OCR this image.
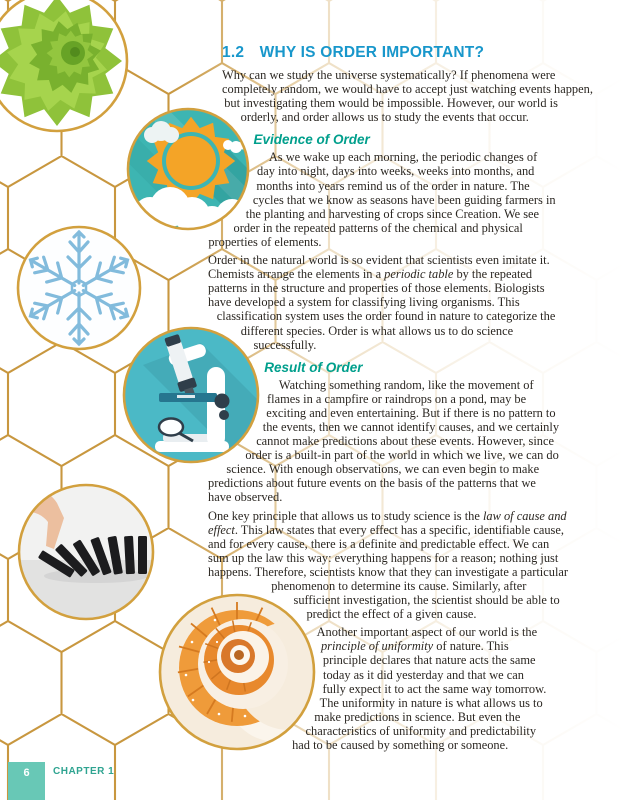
1.2 WHY IS ORDER IMPORTANT?

Why can we study the universe systematically? If phenomena were completely random, we would have to accept just watching events happen, but investigating them would be impossible. However, our world is orderly, and order allows us to study the events that occur.

Evidence of Order

As we wake up each morning, the periodic changes of day into night, days into weeks, weeks into months, and months into years remind us of the order in nature. The cycles that we know as seasons have been guiding farmers in the planting and harvesting of crops since Creation. We see order in the repeated patterns of the chemical and physical properties of elements.

Order in the natural world is so evident that scientists even imitate it. Chemists arrange the elements in a periodic table by the repeated patterns in the structure and properties of those elements. Biologists have developed a system for classifying living organisms. This classification system uses the order found in nature to categorize the different species. Order is what allows us to do science successfully.

Result of Order

Watching something random, like the movement of flames in a campfire or raindrops on a pond, may be exciting and even entertaining. But if there is no pattern to the events, then we cannot identify causes, and we certainly cannot make predictions about these events. However, since order is a built-in part of the world in which we live, we can do science. With enough observations, we can even begin to make predictions about future events on the basis of the patterns that we have observed.

One key principle that allows us to study science is the law of cause and effect. This law states that every effect has a specific, identifiable cause, and for every cause, there is a definite and predictable effect. We can sum up the law this way: everything happens for a reason; nothing just happens. Therefore, scientists know that they can investigate a particular phenomenon to determine its cause. Similarly, after sufficient investigation, the scientist should be able to predict the effect of a given cause.

Another important aspect of our world is the principle of uniformity of nature. This principle declares that nature acts the same today as it did yesterday and that we can fully expect it to act the same way tomorrow. The uniformity in nature is what allows us to make predictions in science. But even the characteristics of uniformity and predictability had to be caused by something or someone.

6 CHAPTER 1
